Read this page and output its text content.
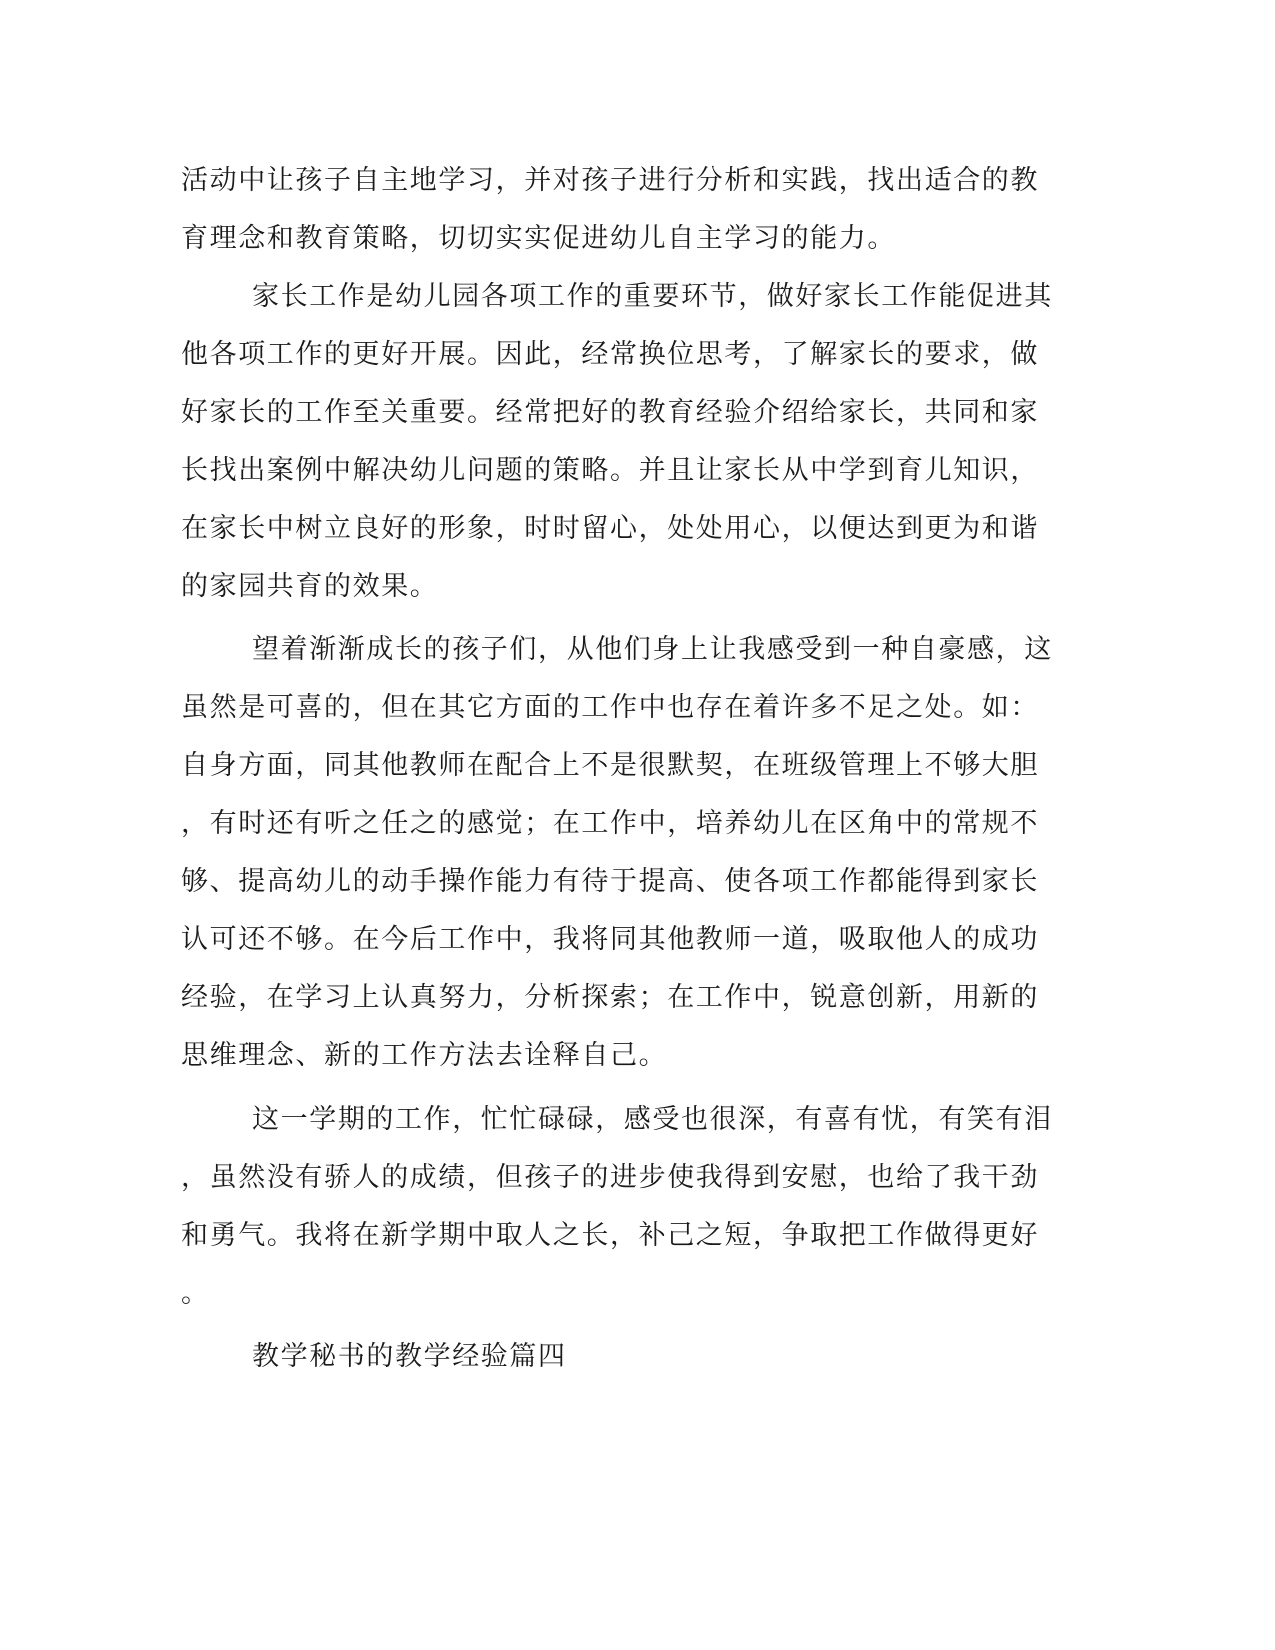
活动中让孩子自主地学习，并对孩子进行分析和实践，找出适合的教
育理念和教育策略，切切实实促进幼儿自主学习的能力。
家长工作是幼儿园各项工作的重要环节，做好家长工作能促进其
他各项工作的更好开展。因此，经常换位思考，了解家长的要求，做
好家长的工作至关重要。经常把好的教育经验介绍给家长，共同和家
长找出案例中解决幼儿问题的策略。并且让家长从中学到育儿知识，
在家长中树立良好的形象，时时留心，处处用心，以便达到更为和谐
的家园共育的效果。
望着渐渐成长的孩子们，从他们身上让我感受到一种自豪感，这
虽然是可喜的，但在其它方面的工作中也存在着许多不足之处。如：
自身方面，同其他教师在配合上不是很默契，在班级管理上不够大胆
，有时还有听之任之的感觉；在工作中，培养幼儿在区角中的常规不
够、提高幼儿的动手操作能力有待于提高、使各项工作都能得到家长
认可还不够。在今后工作中，我将同其他教师一道，吸取他人的成功
经验，在学习上认真努力，分析探索；在工作中，锐意创新，用新的
思维理念、新的工作方法去诠释自己。
这一学期的工作，忙忙碌碌，感受也很深，有喜有忧，有笑有泪
，虽然没有骄人的成绩，但孩子的进步使我得到安慰，也给了我干劲
和勇气。我将在新学期中取人之长，补己之短，争取把工作做得更好
。
教学秘书的教学经验篇四
